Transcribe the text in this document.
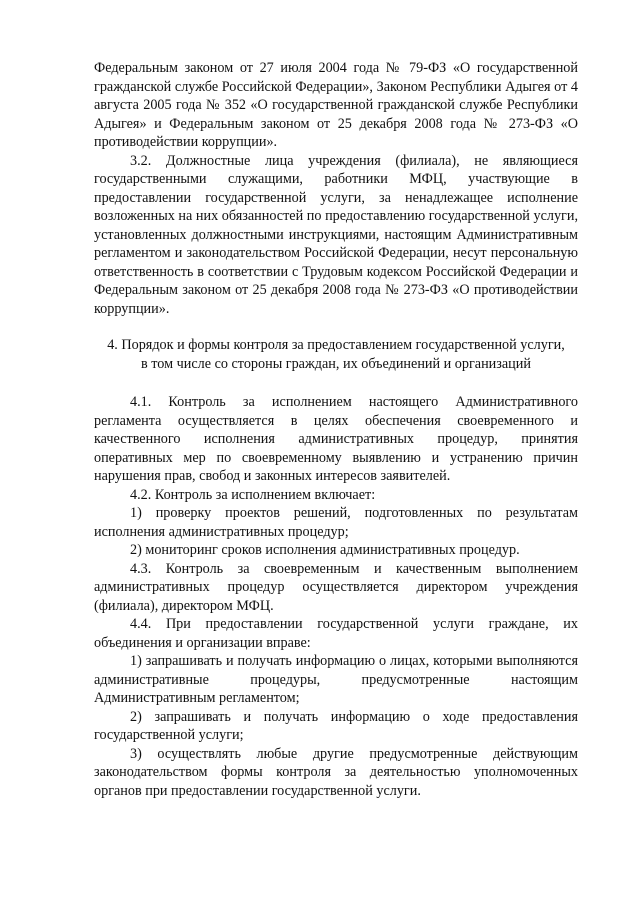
Федеральным законом от 27 июля 2004 года № 79-ФЗ «О государственной гражданской службе Российской Федерации», Законом Республики Адыгея от 4 августа 2005 года № 352 «О государственной гражданской службе Республики Адыгея» и Федеральным законом от 25 декабря 2008 года № 273-ФЗ «О противодействии коррупции».

3.2. Должностные лица учреждения (филиала), не являющиеся государственными служащими, работники МФЦ, участвующие в предоставлении государственной услуги, за ненадлежащее исполнение возложенных на них обязанностей по предоставлению государственной услуги, установленных должностными инструкциями, настоящим Административным регламентом и законодательством Российской Федерации, несут персональную ответственность в соответствии с Трудовым кодексом Российской Федерации и Федеральным законом от 25 декабря 2008 года № 273-ФЗ «О противодействии коррупции».

4. Порядок и формы контроля за предоставлением государственной услуги,
в том числе со стороны граждан, их объединений и организаций

4.1. Контроль за исполнением настоящего Административного регламента осуществляется в целях обеспечения своевременного и качественного исполнения административных процедур, принятия оперативных мер по своевременному выявлению и устранению причин нарушения прав, свобод и законных интересов заявителей.

4.2. Контроль за исполнением включает:

1) проверку проектов решений, подготовленных по результатам исполнения административных процедур;

2) мониторинг сроков исполнения административных процедур.

4.3. Контроль за своевременным и качественным выполнением административных процедур осуществляется директором учреждения (филиала), директором МФЦ.

4.4. При предоставлении государственной услуги граждане, их объединения и организации вправе:

1) запрашивать и получать информацию о лицах, которыми выполняются административные процедуры, предусмотренные настоящим Административным регламентом;

2) запрашивать и получать информацию о ходе предоставления государственной услуги;

3) осуществлять любые другие предусмотренные действующим законодательством формы контроля за деятельностью уполномоченных органов при предоставлении государственной услуги.
